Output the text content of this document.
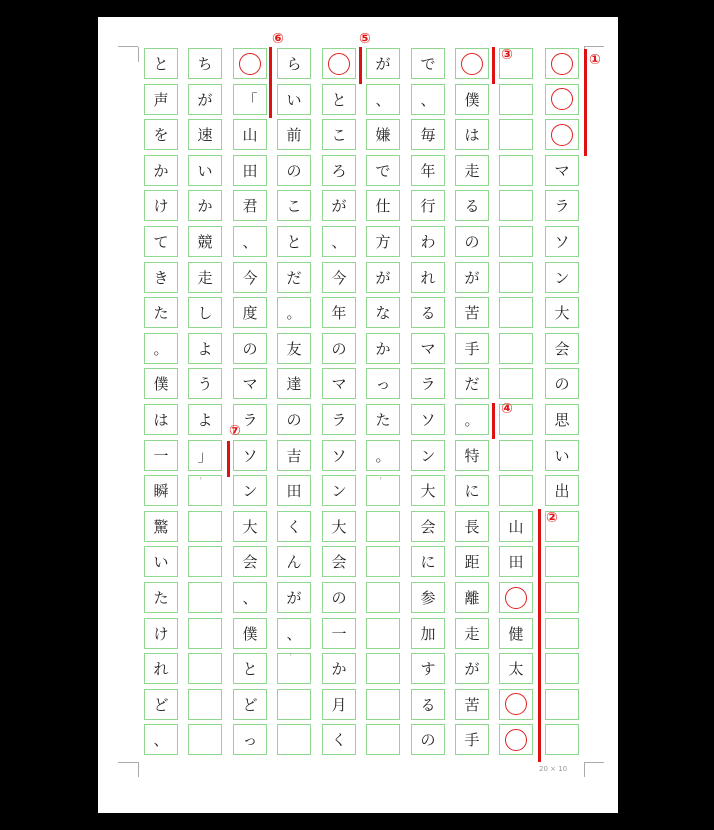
マ
ラ
ソ
ン
大
会
の
思
い
出
山
田
健
太
僕
は
走
る
の
が
苦
手
だ
。
特
に
長
距
離
走
が
苦
手
で
、
毎
年
行
わ
れ
る
マ
ラ
ソ
ン
大
会
に
参
加
す
る
の
が
、
嫌
で
仕
方
が
な
か
っ
た
。
と
こ
ろ
が
、
今
年
の
マ
ラ
ソ
ン
大
会
の
一
か
月
く
ら
い
前
の
こ
と
だ
。
友
達
の
吉
田
く
ん
が
、
「
山
田
君
、
今
度
の
マ
ラ
ソ
ン
大
会
、
僕
と
ど
っ
ち
が
速
い
か
競
走
し
よ
う
よ
」
と
声
を
か
け
て
き
た
。
僕
は
一
瞬
驚
い
た
け
れ
ど
、
①
②
③
④
⑤
⑥
⑦
ᵗ	ᵗ
ᵗ
20 × 10
